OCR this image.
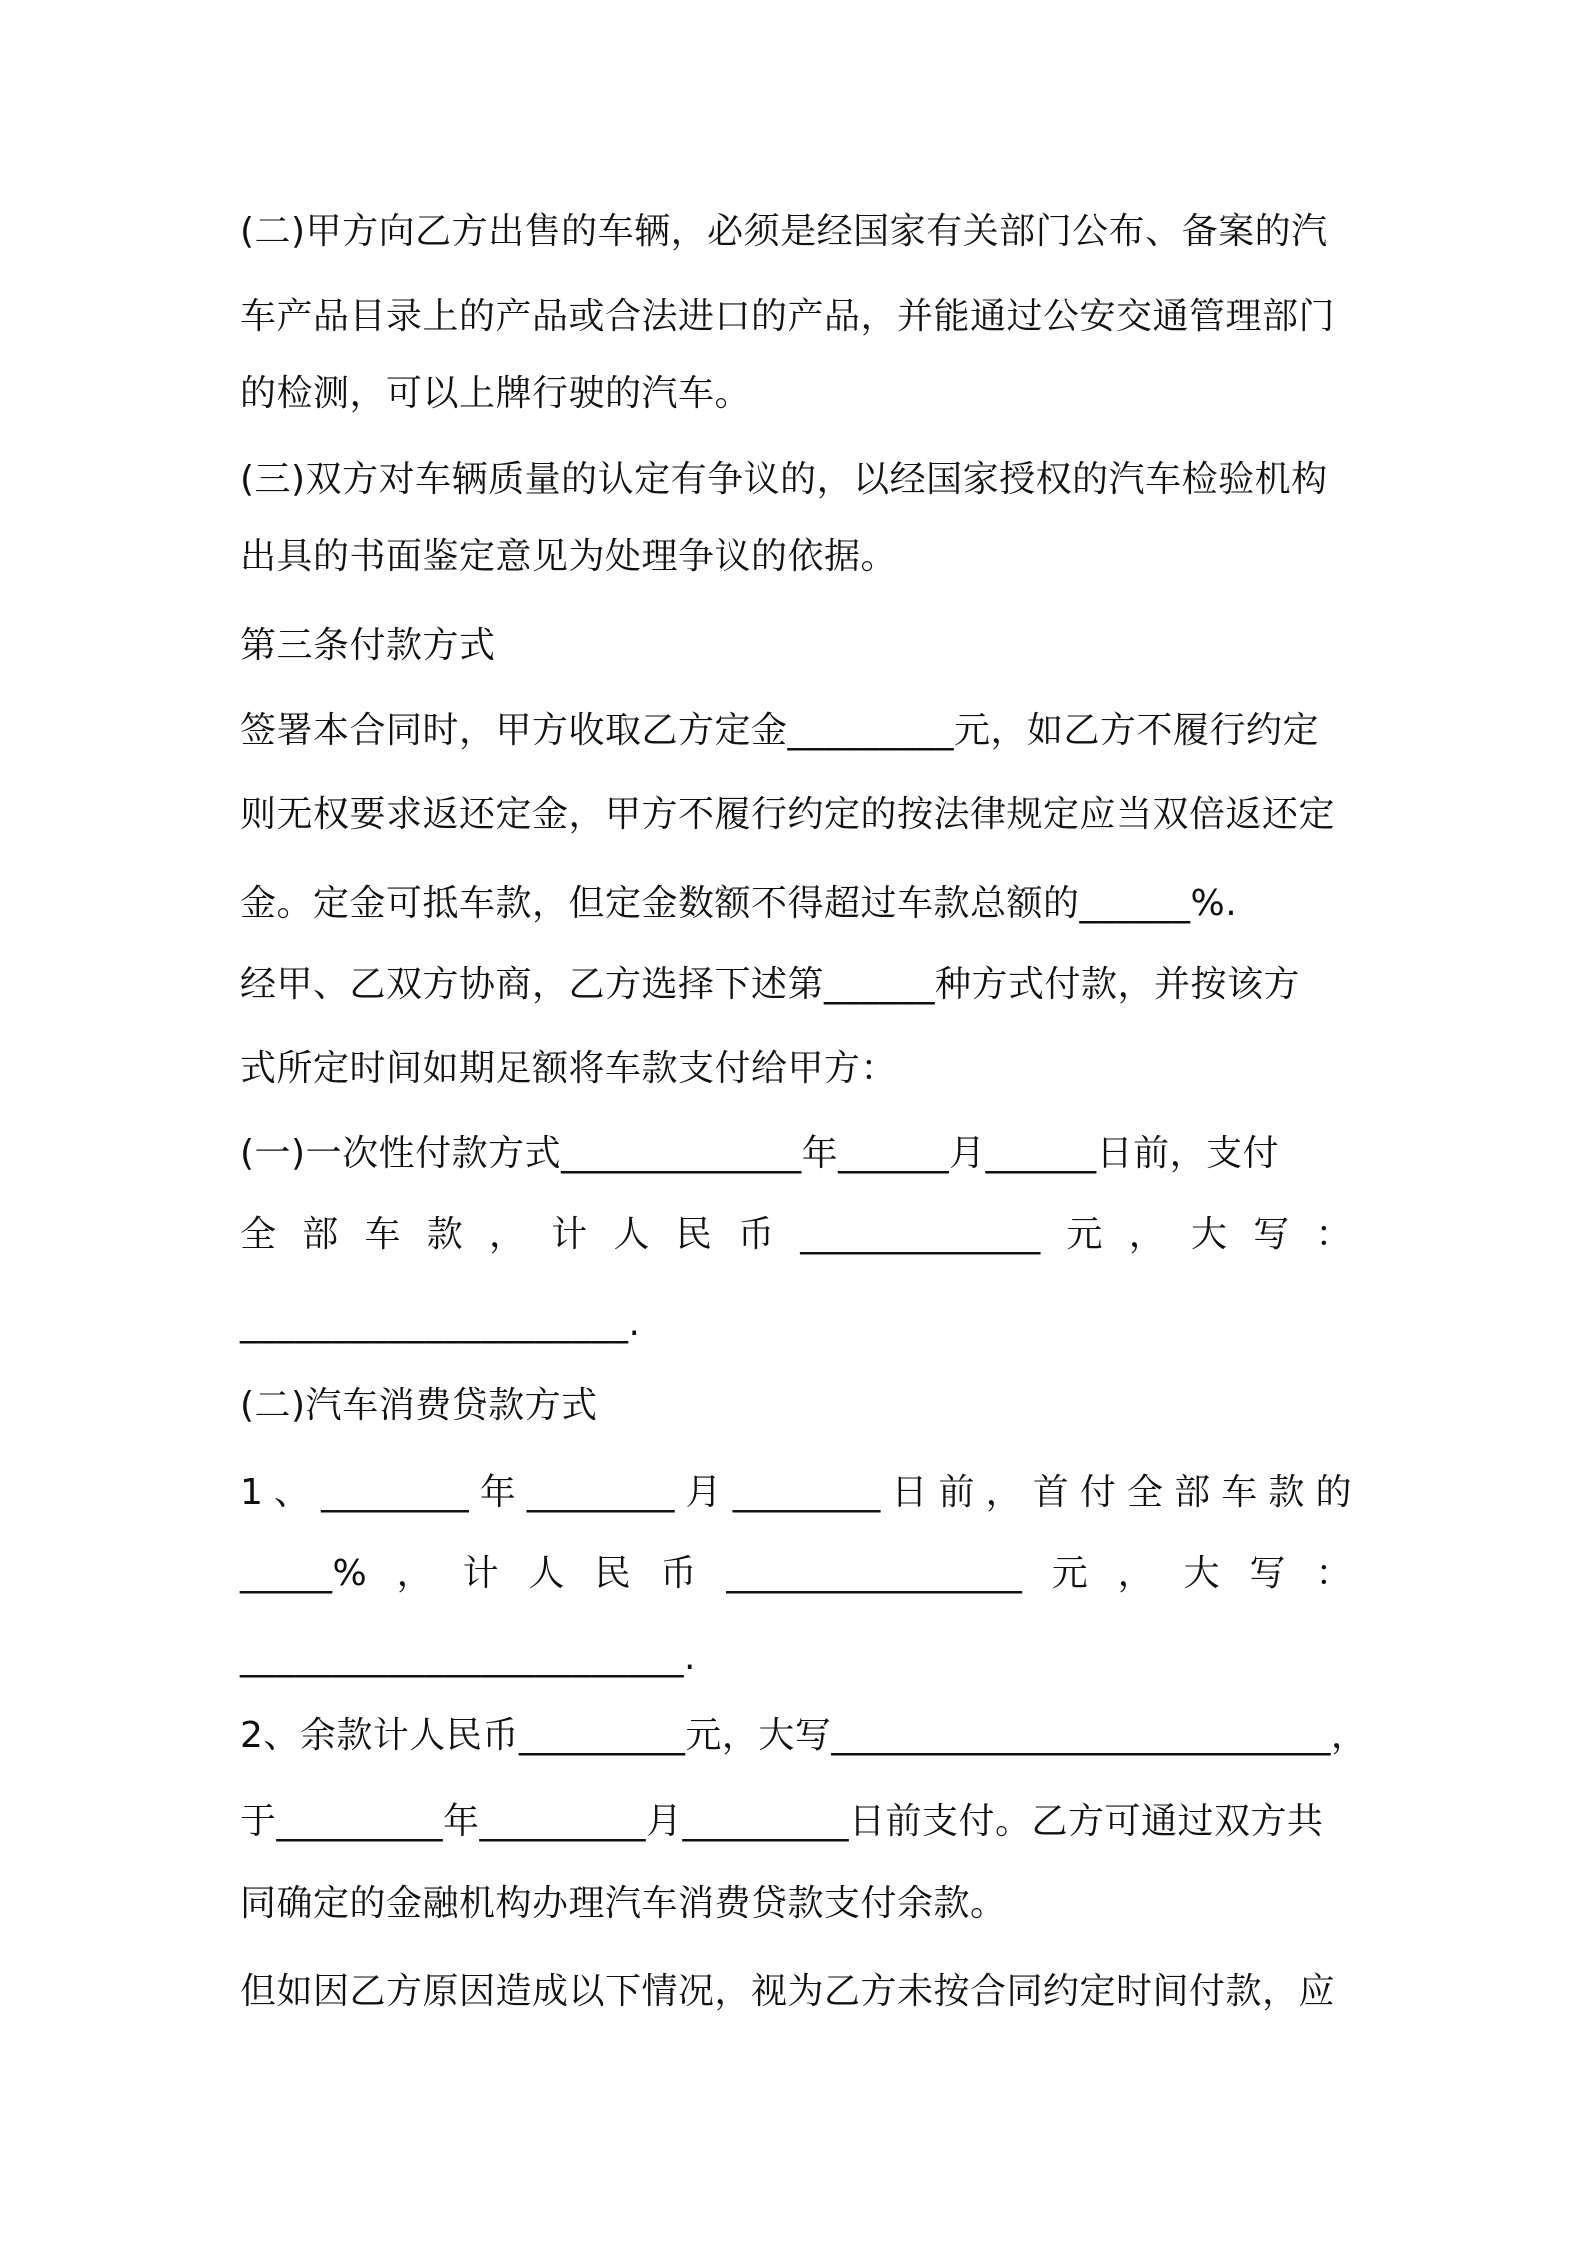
(二)甲方向乙方出售的车辆，必须是经国家有关部门公布、备案的汽
车产品目录上的产品或合法进口的产品，并能通过公安交通管理部门
的检测，可以上牌行驶的汽车。
(三)双方对车辆质量的认定有争议的，以经国家授权的汽车检验机构
出具的书面鉴定意见为处理争议的依据。
第三条付款方式
签署本合同时，甲方收取乙方定金_________元，如乙方不履行约定
则无权要求返还定金，甲方不履行约定的按法律规定应当双倍返还定
金。定金可抵车款，但定金数额不得超过车款总额的______%.
经甲、乙双方协商，乙方选择下述第______种方式付款，并按该方
式所定时间如期足额将车款支付给甲方：
(一)一次性付款方式_____________年______月______日前，支付
全部车款，计人民币_____________元，大写：
_____________________.
(二)汽车消费贷款方式
1、________年________月________日前，首付全部车款的
_____%，计人民币________________元，大写：
________________________.
2、余款计人民币_________元，大写___________________________，
于_________年_________月_________日前支付。乙方可通过双方共
同确定的金融机构办理汽车消费贷款支付余款。
但如因乙方原因造成以下情况，视为乙方未按合同约定时间付款，应
